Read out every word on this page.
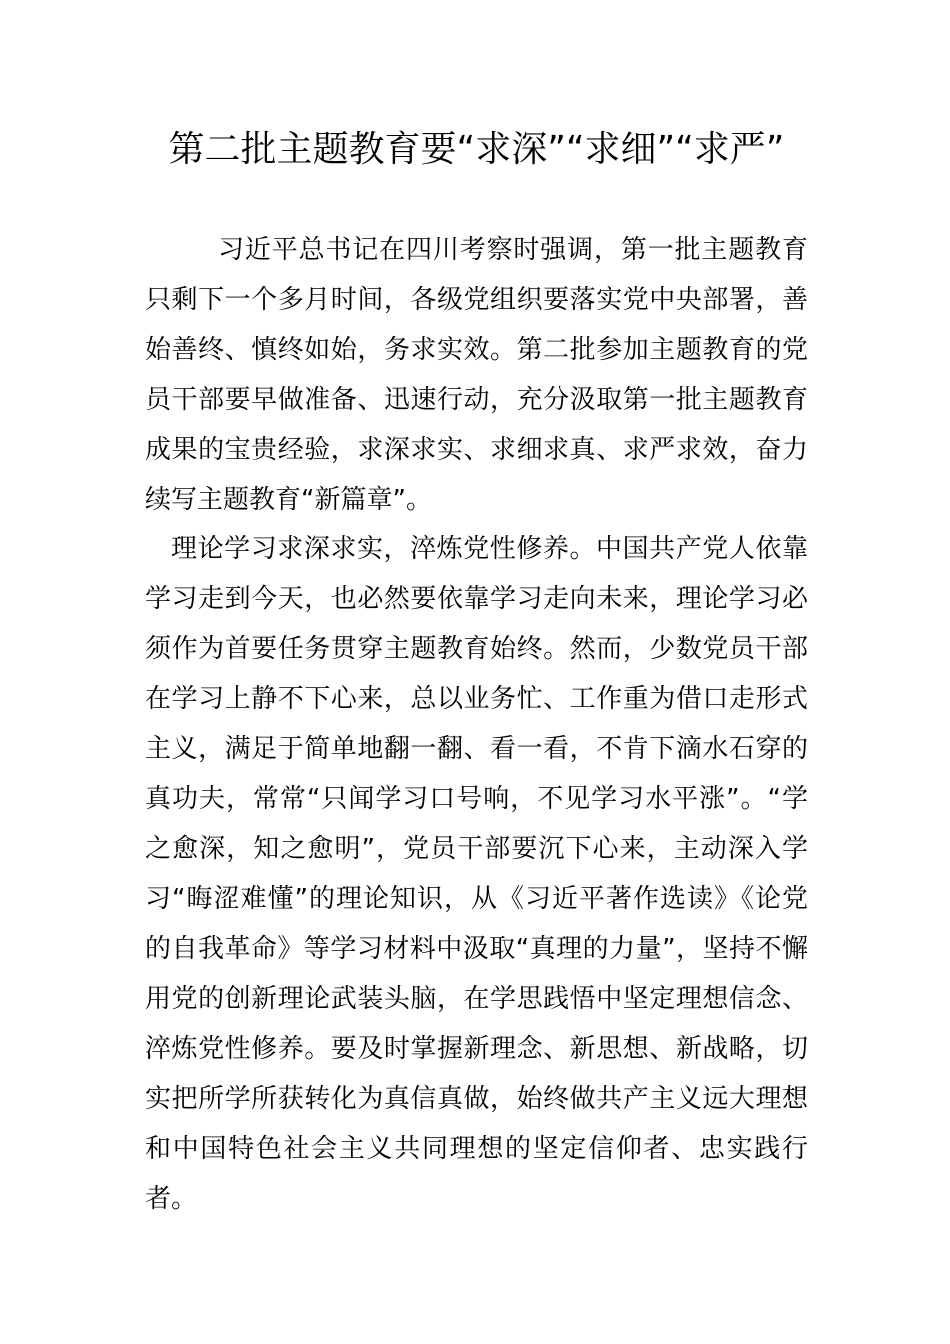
第二批主题教育要“求深”“求细”“求严”

习近平总书记在四川考察时强调，第一批主题教育只剩下一个多月时间，各级党组织要落实党中央部署，善始善终、慎终如始，务求实效。第二批参加主题教育的党员干部要早做准备、迅速行动，充分汲取第一批主题教育成果的宝贵经验，求深求实、求细求真、求严求效，奋力续写主题教育“新篇章”。

理论学习求深求实，淬炼党性修养。中国共产党人依靠学习走到今天，也必然要依靠学习走向未来，理论学习必须作为首要任务贯穿主题教育始终。然而，少数党员干部在学习上静不下心来，总以业务忙、工作重为借口走形式主义，满足于简单地翻一翻、看一看，不肯下滴水石穿的真功夫，常常“只闻学习口号响，不见学习水平涨”。“学之愈深，知之愈明”，党员干部要沉下心来，主动深入学习“晦涩难懂”的理论知识，从《习近平著作选读》《论党的自我革命》等学习材料中汲取“真理的力量”，坚持不懈用党的创新理论武装头脑，在学思践悟中坚定理想信念、淬炼党性修养。要及时掌握新理念、新思想、新战略，切实把所学所获转化为真信真做，始终做共产主义远大理想和中国特色社会主义共同理想的坚定信仰者、忠实践行者。
